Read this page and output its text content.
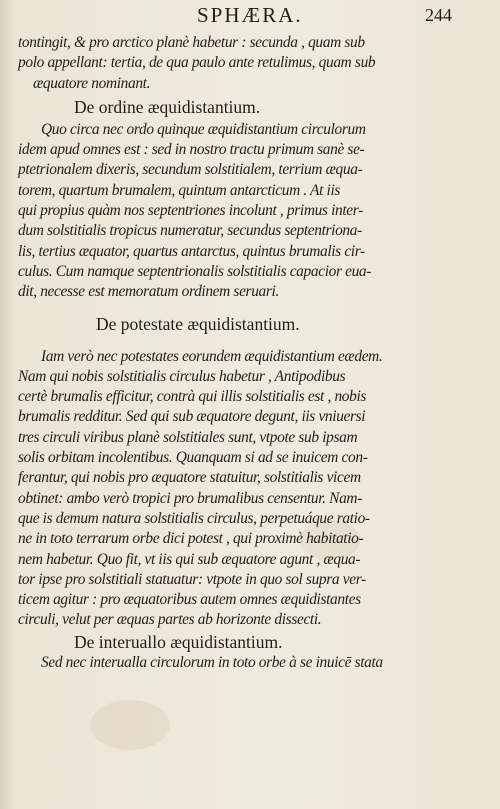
SPHÆRA.	244
tontingit, & pro arctico planè habetur : secunda , quam sub
polo appellant: tertia, de qua paulo ante retulimus, quam sub
æquatore nominant.
De ordine æquidistantium.
Quo circa nec ordo quinque æquidistantium circulorum
idem apud omnes est : sed in nostro tractu primum sanè se-
ptetrionalem dixeris, secundum solstitialem, terrium æqua-
torem, quartum brumalem, quintum antarcticum . At iis
qui propius quàm nos septentriones incolunt , primus inter-
dum solstitialis tropicus numeratur, secundus septentriona-
lis, tertius æquator, quartus antarctus, quintus brumalis cir-
culus. Cum namque septentrionalis solstitialis capacior eua-
dit, necesse est memoratum ordinem seruari.
De potestate æquidistantium.
Iam verò nec potestates eorundem æquidistantium eædem.
Nam qui nobis solstitialis circulus habetur , Antipodibus
certè brumalis efficitur, contrà qui illis solstitialis est , nobis
brumalis redditur. Sed qui sub æquatore degunt, iis vniuersi
tres circuli viribus planè solstitiales sunt, vtpote sub ipsam
solis orbitam incolentibus. Quanquam si ad se inuicem con-
ferantur, qui nobis pro æquatore statuitur, solstitialis vicem
obtinet: ambo verò tropici pro brumalibus censentur. Nam-
que is demum natura solstitialis circulus, perpetuáque ratio-
ne in toto terrarum orbe dici potest , qui proximè habitatio-
nem habetur. Quo fit, vt iis qui sub æquatore agunt , æqua-
tor ipse pro solstitiali statuatur: vtpote in quo sol supra ver-
ticem agitur : pro æquatoribus autem omnes æquidistantes
circuli, velut per æquas partes ab horizonte dissecti.
De interuallo æquidistantium.
Sed nec interualla circulorum in toto orbe à se inuicē stata
